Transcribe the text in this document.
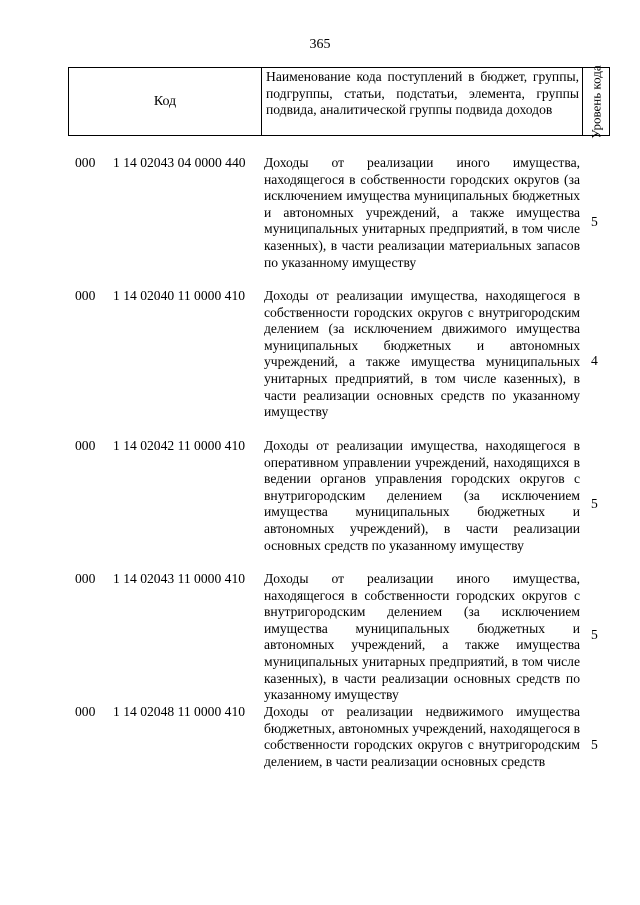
365
Код
Наименование кода поступлений в бюджет, группы, подгруппы, статьи, подстатьи, элемента, группы подвида, аналитической группы подвида доходов	Уровень кода
000 1 14 02043 04 0000 440 Доходы от реализации иного имущества, находящегося в собственности городских округов (за исключением имущества муниципальных бюджетных и автономных учреждений, а также имущества муниципальных унитарных предприятий, в том числе казенных), в части реализации материальных запасов по указанному имуществу
5
000 1 14 02040 11 0000 410 Доходы от реализации имущества, находящегося в собственности городских округов с внутригородским делением (за исключением движимого имущества муниципальных бюджетных и автономных учреждений, а также имущества муниципальных унитарных предприятий, в том числе казенных), в части реализации основных средств по указанному имуществу
4
000 1 14 02042 11 0000 410 Доходы от реализации имущества, находящегося в оперативном управлении учреждений, находящихся в ведении органов управления городских округов с внутригородским делением (за исключением имущества муниципальных бюджетных и автономных учреждений), в части реализации основных средств по указанному имуществу
5
000 1 14 02043 11 0000 410 Доходы от реализации иного имущества, находящегося в собственности городских округов с внутригородским делением (за исключением имущества муниципальных бюджетных и автономных учреждений, а также имущества муниципальных унитарных предприятий, в том числе казенных), в части реализации основных средств по указанному имуществу
5
000 1 14 02048 11 0000 410 Доходы от реализации недвижимого имущества бюджетных, автономных учреждений, находящегося в собственности городских округов с внутригородским делением, в части реализации основных средств
5
